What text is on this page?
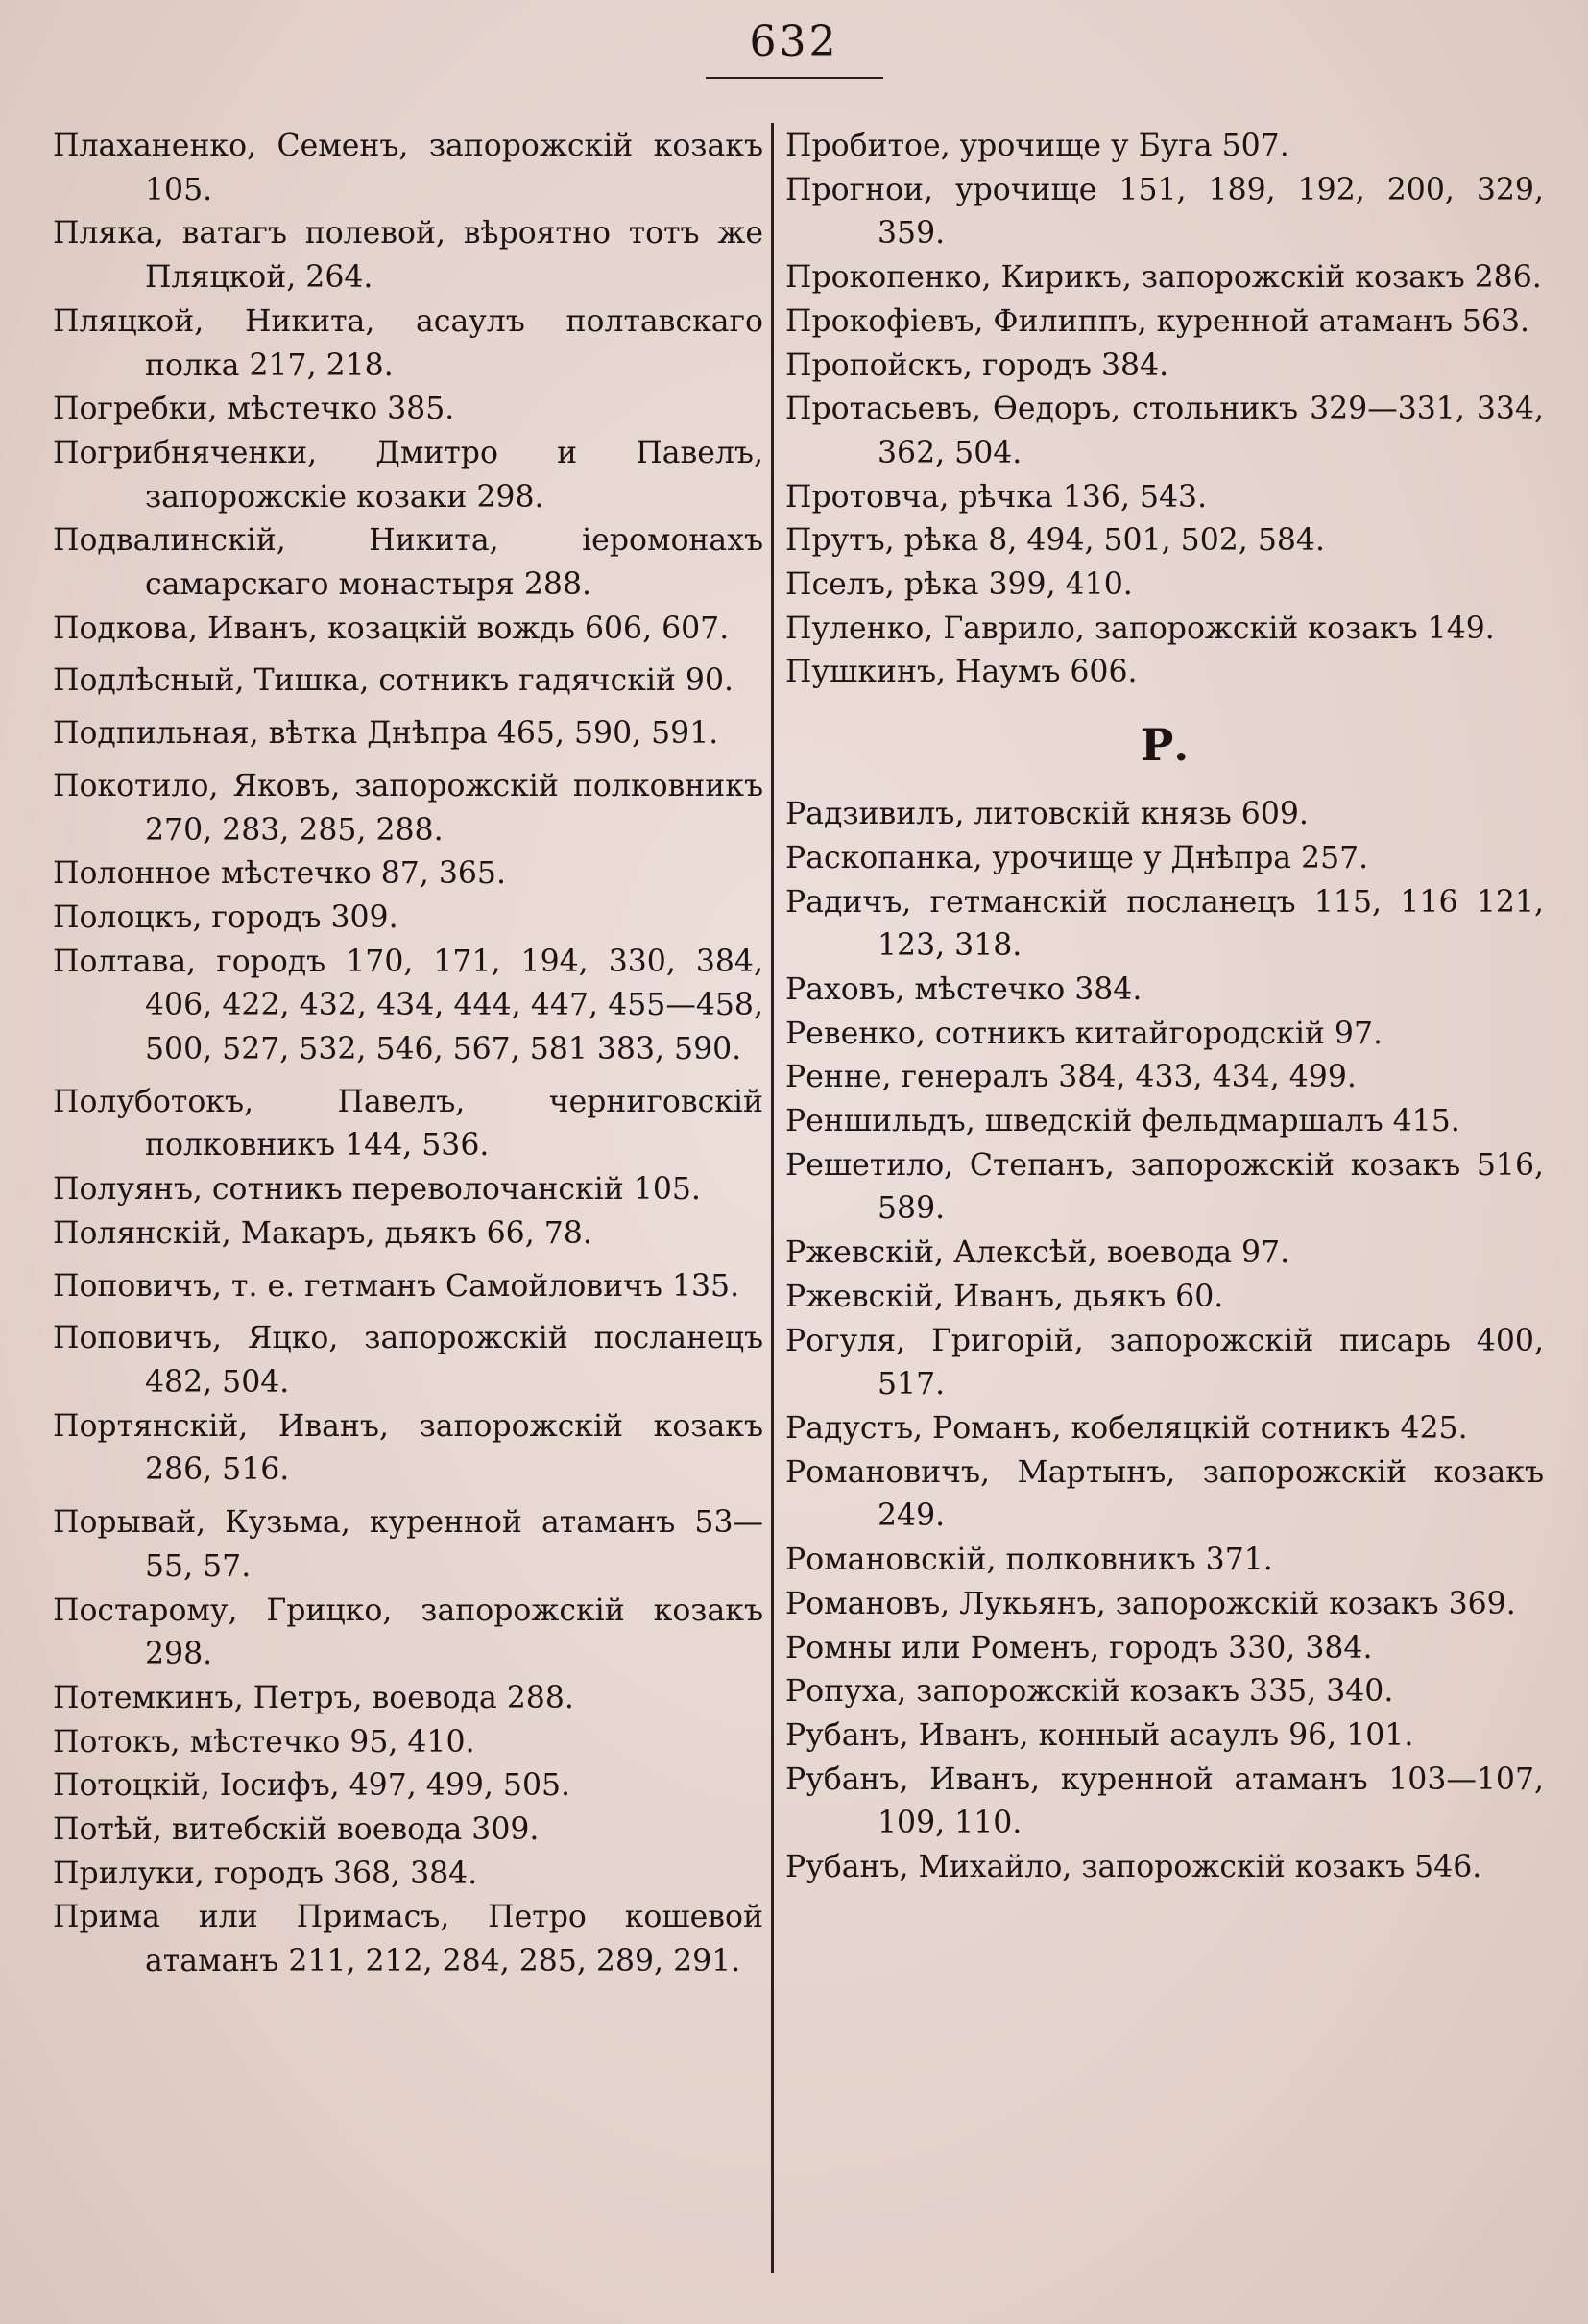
632
Плаханенко, Семенъ, запорожскій козакъ 105.
Пляка, ватагъ полевой, вѣроятно тотъ же Пляцкой, 264.
Пляцкой, Никита, асаулъ полтавскаго полка 217, 218.
Погребки, мѣстечко 385.
Погрибняченки, Дмитро и Павелъ, запорожскіе козаки 298.
Подвалинскій, Никита, іеромонахъ самарскаго монастыря 288.
Подкова, Иванъ, козацкій вождь 606, 607.
Подлѣсный, Тишка, сотникъ гадячскій 90.
Подпильная, вѣтка Днѣпра 465, 590, 591.
Покотило, Яковъ, запорожскій полковникъ 270, 283, 285, 288.
Полонное мѣстечко 87, 365.
Полоцкъ, городъ 309.
Полтава, городъ 170, 171, 194, 330, 384, 406, 422, 432, 434, 444, 447, 455—458, 500, 527, 532, 546, 567, 581 383, 590.
Полуботокъ, Павелъ, черниговскій полковникъ 144, 536.
Полуянъ, сотникъ переволочанскій 105.
Полянскій, Макаръ, дьякъ 66, 78.
Поповичъ, т. е. гетманъ Самойловичъ 135.
Поповичъ, Яцко, запорожскій посланецъ 482, 504.
Портянскій, Иванъ, запорожскій козакъ 286, 516.
Порывай, Кузьма, куренной атаманъ 53—55, 57.
Постарому, Грицко, запорожскій козакъ 298.
Потемкинъ, Петръ, воевода 288.
Потокъ, мѣстечко 95, 410.
Потоцкій, Іосифъ, 497, 499, 505.
Потѣй, витебскій воевода 309.
Прилуки, городъ 368, 384.
Прима или Примасъ, Петро кошевой атаманъ 211, 212, 284, 285, 289, 291.
Пробитое, урочище у Буга 507.
Прогнои, урочище 151, 189, 192, 200, 329, 359.
Прокопенко, Кирикъ, запорожскій козакъ 286.
Прокофіевъ, Филиппъ, куренной атаманъ 563.
Пропойскъ, городъ 384.
Протасьевъ, Ѳедоръ, стольникъ 329—331, 334, 362, 504.
Протовча, рѣчка 136, 543.
Прутъ, рѣка 8, 494, 501, 502, 584.
Пселъ, рѣка 399, 410.
Пуленко, Гаврило, запорожскій козакъ 149.
Пушкинъ, Наумъ 606.
Р.
Радзивилъ, литовскій князь 609.
Раскопанка, урочище у Днѣпра 257.
Радичъ, гетманскій посланецъ 115, 116 121, 123, 318.
Раховъ, мѣстечко 384.
Ревенко, сотникъ китайгородскій 97.
Ренне, генералъ 384, 433, 434, 499.
Реншильдъ, шведскій фельдмаршалъ 415.
Решетило, Степанъ, запорожскій козакъ 516, 589.
Ржевскій, Алексѣй, воевода 97.
Ржевскій, Иванъ, дьякъ 60.
Рогуля, Григорій, запорожскій писарь 400, 517.
Радустъ, Романъ, кобеляцкій сотникъ 425.
Романовичъ, Мартынъ, запорожскій козакъ 249.
Романовскій, полковникъ 371.
Романовъ, Лукьянъ, запорожскій козакъ 369.
Ромны или Роменъ, городъ 330, 384.
Ропуха, запорожскій козакъ 335, 340.
Рубанъ, Иванъ, конный асаулъ 96, 101.
Рубанъ, Иванъ, куренной атаманъ 103—107, 109, 110.
Рубанъ, Михайло, запорожскій козакъ 546.
